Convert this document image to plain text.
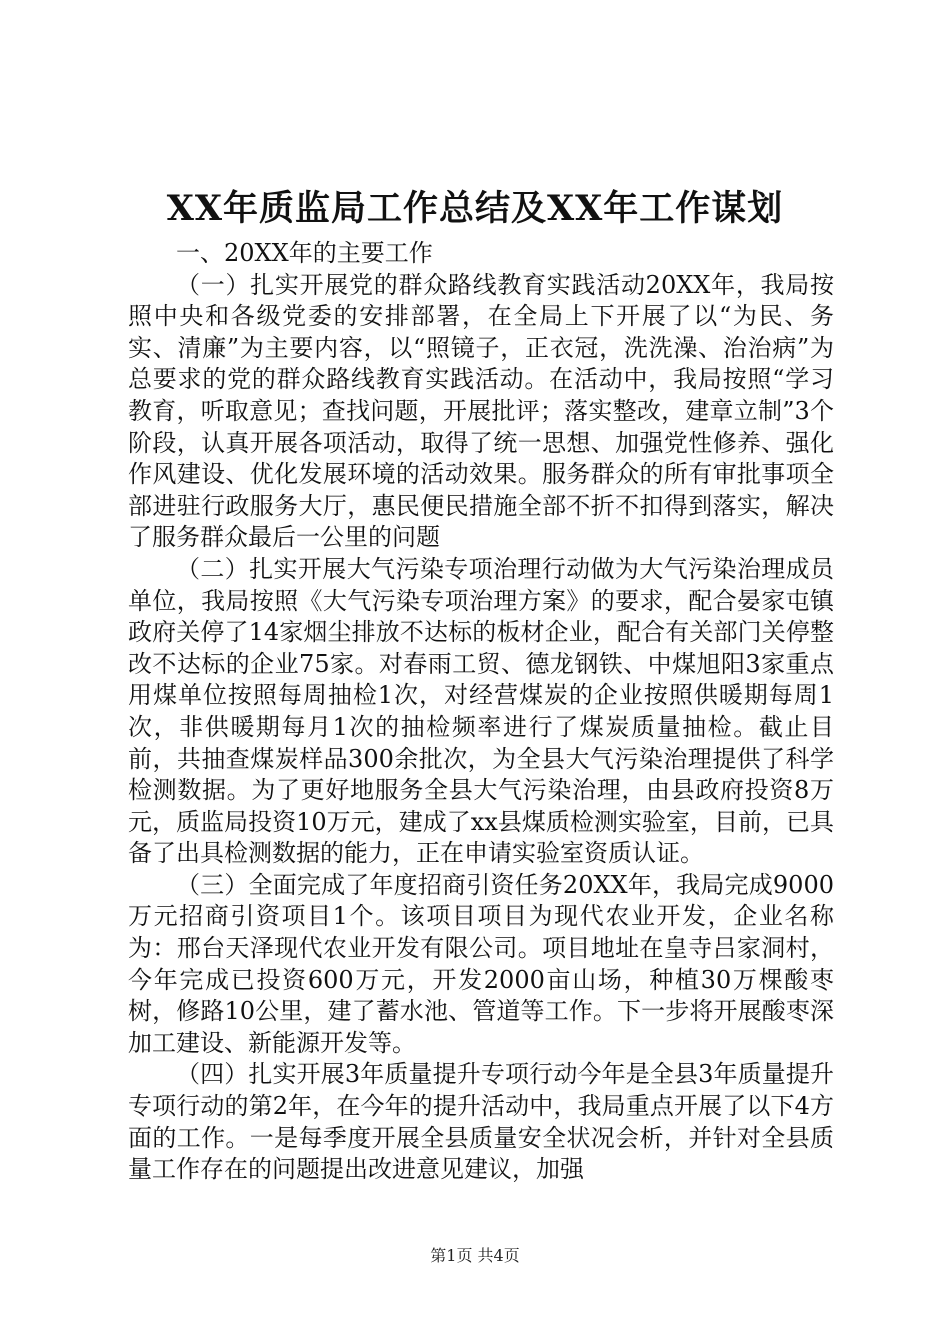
XX年质监局工作总结及XX年工作谋划

一、20XX年的主要工作

（一）扎实开展党的群众路线教育实践活动20XX年，我局按照中央和各级党委的安排部署，在全局上下开展了以“为民、务实、清廉”为主要内容，以“照镜子，正衣冠，洗洗澡、治治病”为总要求的党的群众路线教育实践活动。在活动中，我局按照“学习教育，听取意见；查找问题，开展批评；落实整改，建章立制”3个阶段，认真开展各项活动，取得了统一思想、加强党性修养、强化作风建设、优化发展环境的活动效果。服务群众的所有审批事项全部进驻行政服务大厅，惠民便民措施全部不折不扣得到落实，解决了服务群众最后一公里的问题

（二）扎实开展大气污染专项治理行动做为大气污染治理成员单位，我局按照《大气污染专项治理方案》的要求，配合晏家屯镇政府关停了14家烟尘排放不达标的板材企业，配合有关部门关停整改不达标的企业75家。对春雨工贸、德龙钢铁、中煤旭阳3家重点用煤单位按照每周抽检1次，对经营煤炭的企业按照供暖期每周1次，非供暖期每月1次的抽检频率进行了煤炭质量抽检。截止目前，共抽查煤炭样品300余批次，为全县大气污染治理提供了科学检测数据。为了更好地服务全县大气污染治理，由县政府投资8万元，质监局投资10万元，建成了xx县煤质检测实验室，目前，已具备了出具检测数据的能力，正在申请实验室资质认证。

（三）全面完成了年度招商引资任务20XX年，我局完成9000万元招商引资项目1个。该项目项目为现代农业开发，企业名称为：邢台天泽现代农业开发有限公司。项目地址在皇寺吕家洞村，今年完成已投资600万元，开发2000亩山场，种植30万棵酸枣树，修路10公里，建了蓄水池、管道等工作。下一步将开展酸枣深加工建设、新能源开发等。

（四）扎实开展3年质量提升专项行动今年是全县3年质量提升专项行动的第2年，在今年的提升活动中，我局重点开展了以下4方面的工作。一是每季度开展全县质量安全状况会析，并针对全县质量工作存在的问题提出改进意见建议，加强

第1页 共4页
